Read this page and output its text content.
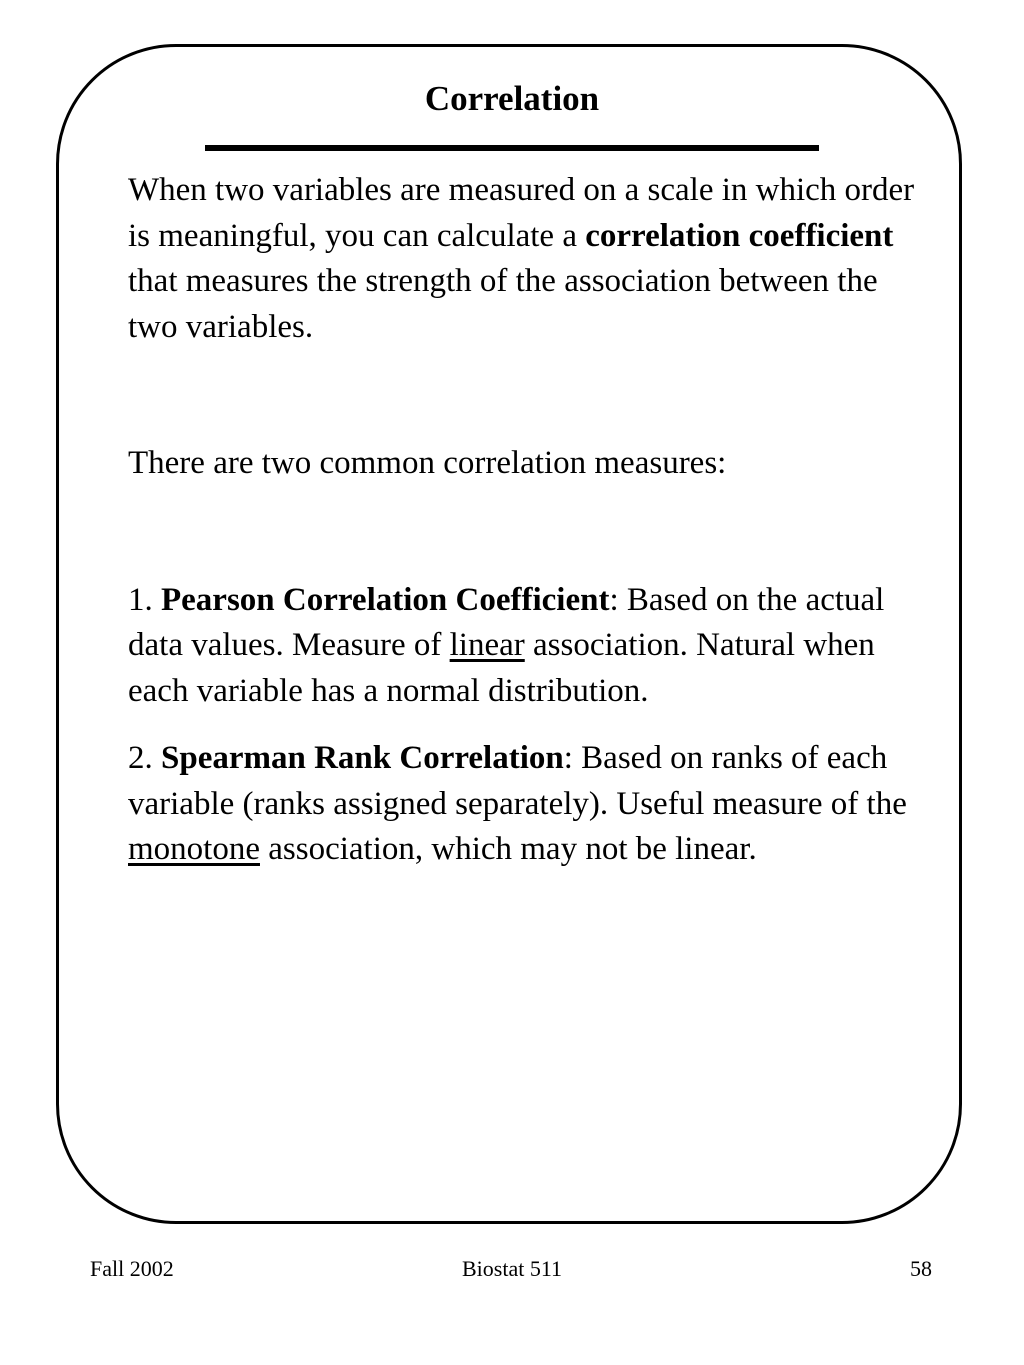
Correlation

When two variables are measured on a scale in which order is meaningful, you can calculate a correlation coefficient that measures the strength of the association between the two variables.

There are two common correlation measures:

1. Pearson Correlation Coefficient: Based on the actual data values. Measure of linear association. Natural when each variable has a normal distribution.

2. Spearman Rank Correlation: Based on ranks of each variable (ranks assigned separately). Useful measure of the monotone association, which may not be linear.

Fall 2002	Biostat 511	58
